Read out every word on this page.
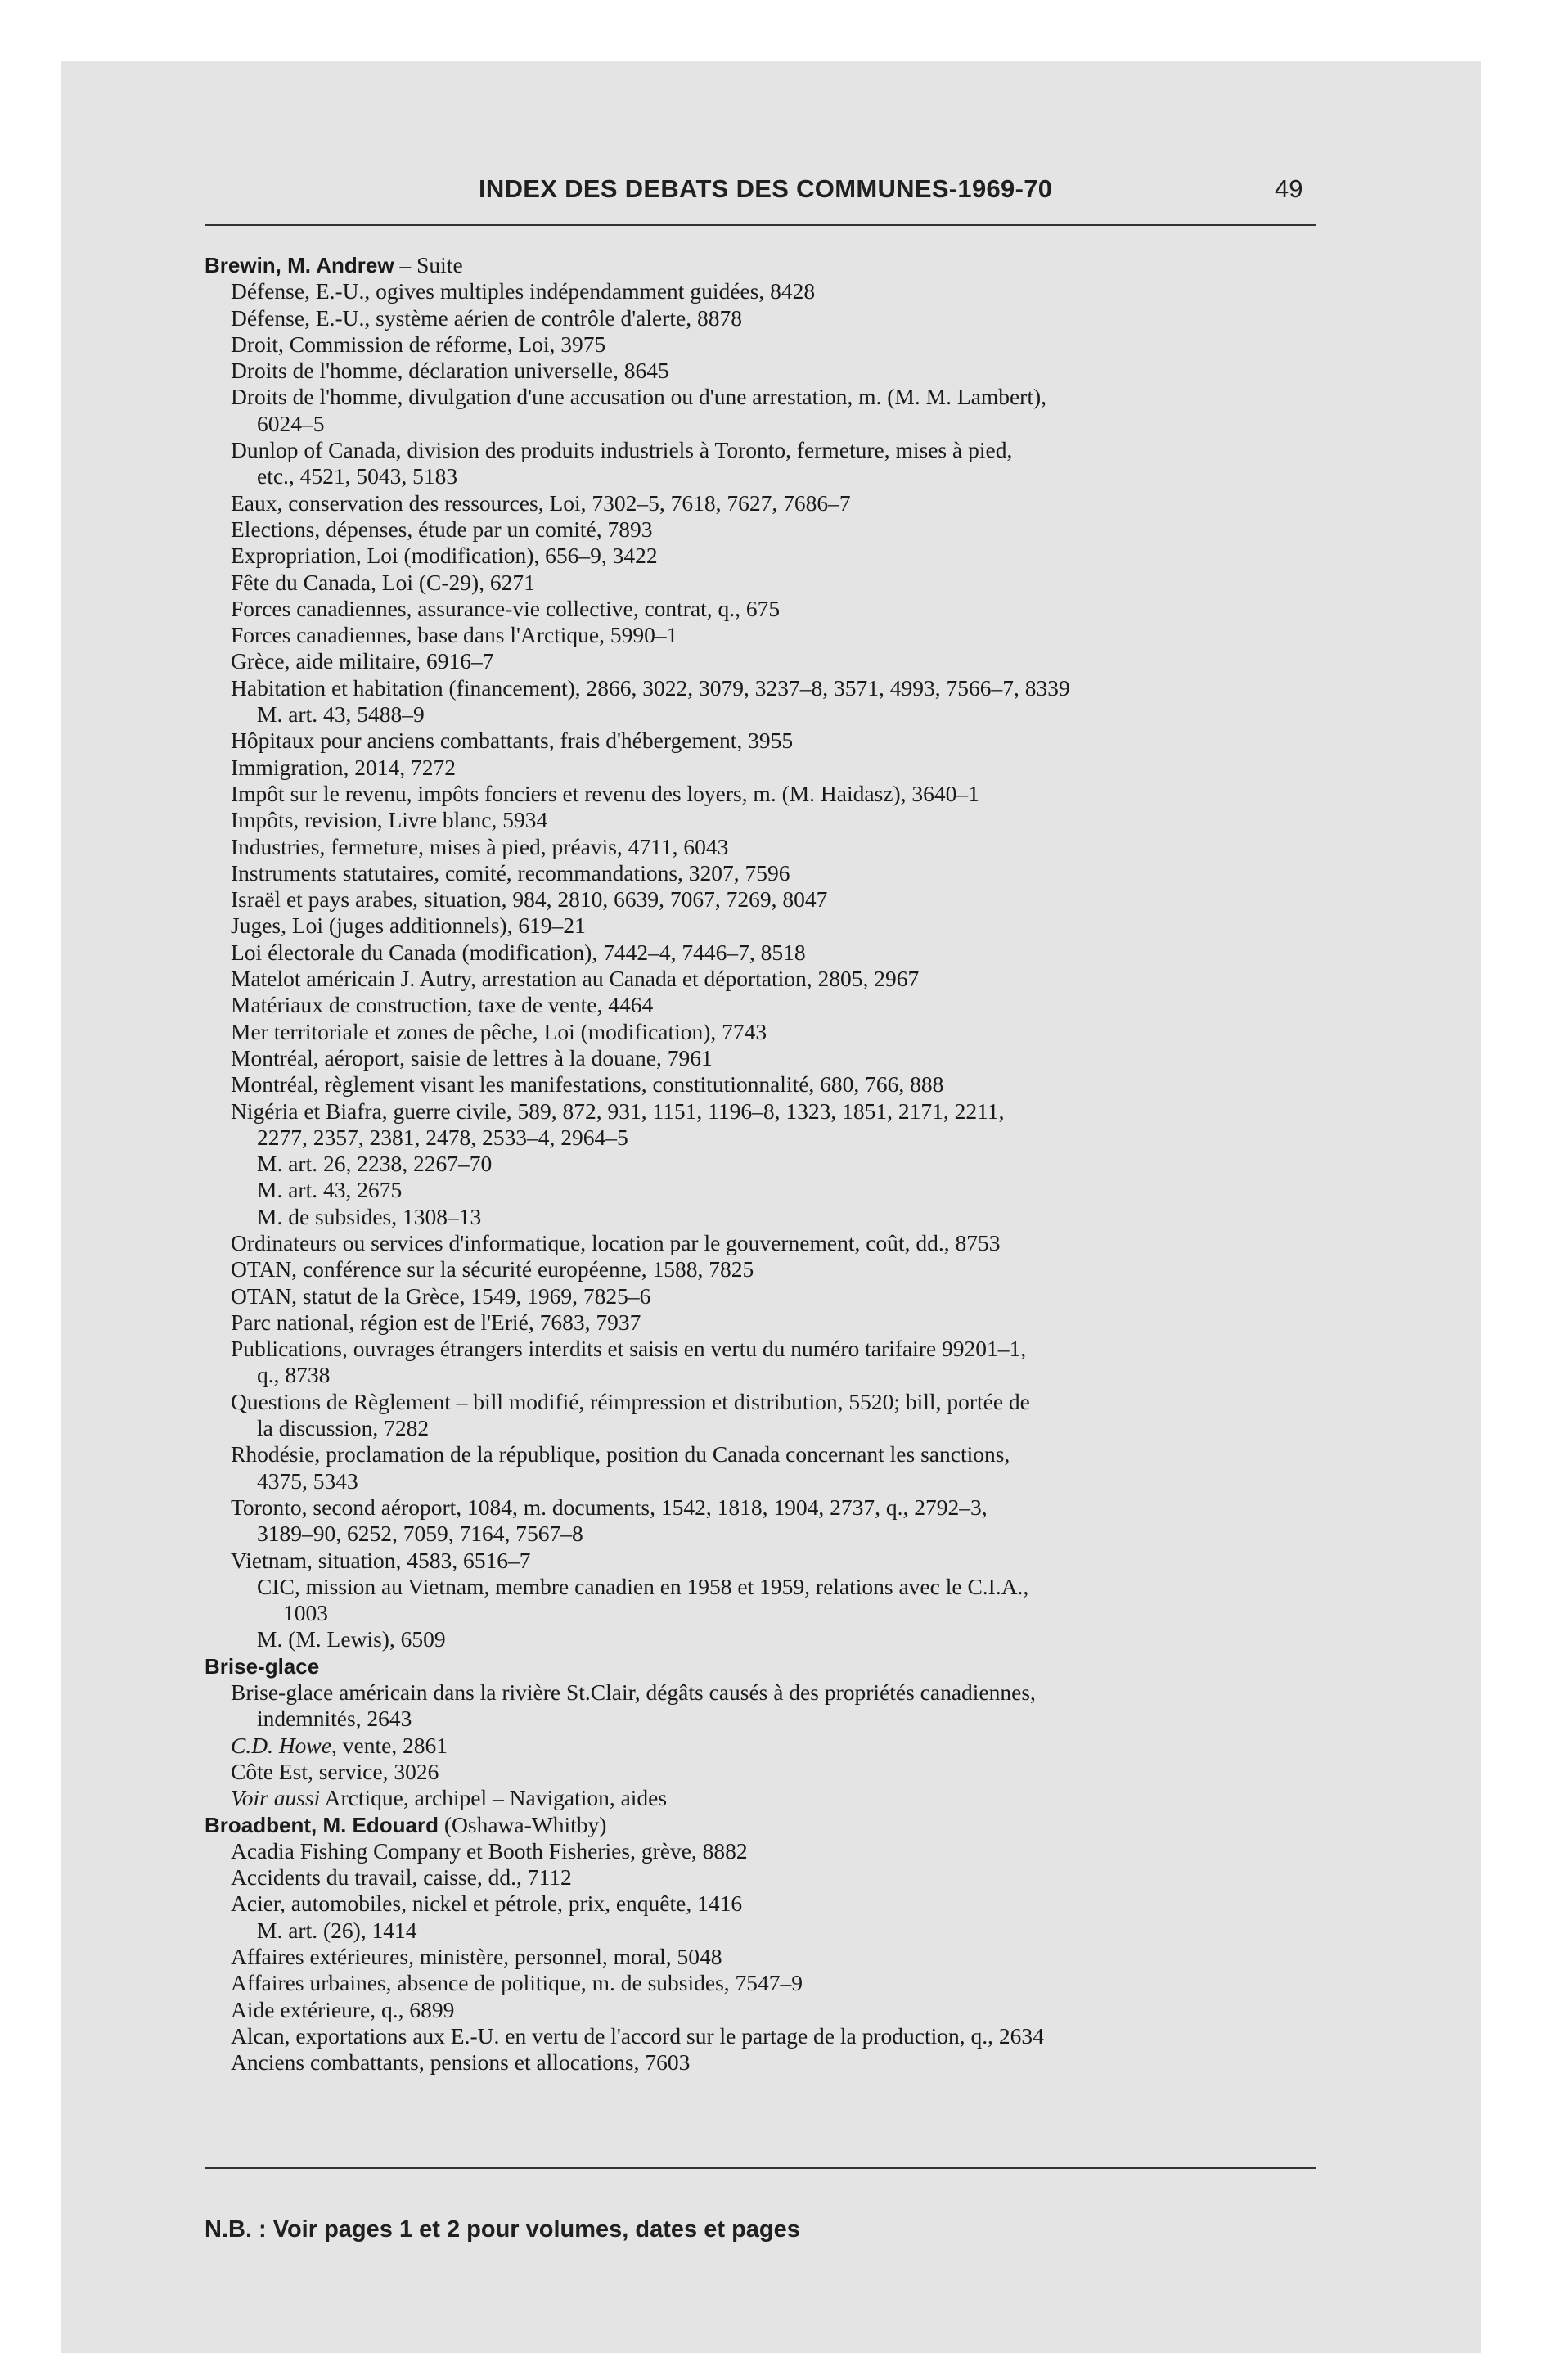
INDEX DES DEBATS DES COMMUNES-1969-70	49
Brewin, M. Andrew – Suite
Défense, E.-U., ogives multiples indépendamment guidées, 8428
Défense, E.-U., système aérien de contrôle d'alerte, 8878
Droit, Commission de réforme, Loi, 3975
Droits de l'homme, déclaration universelle, 8645
Droits de l'homme, divulgation d'une accusation ou d'une arrestation, m. (M. M. Lambert),
6024–5
Dunlop of Canada, division des produits industriels à Toronto, fermeture, mises à pied,
etc., 4521, 5043, 5183
Eaux, conservation des ressources, Loi, 7302–5, 7618, 7627, 7686–7
Elections, dépenses, étude par un comité, 7893
Expropriation, Loi (modification), 656–9, 3422
Fête du Canada, Loi (C-29), 6271
Forces canadiennes, assurance-vie collective, contrat, q., 675
Forces canadiennes, base dans l'Arctique, 5990–1
Grèce, aide militaire, 6916–7
Habitation et habitation (financement), 2866, 3022, 3079, 3237–8, 3571, 4993, 7566–7, 8339
M. art. 43, 5488–9
Hôpitaux pour anciens combattants, frais d'hébergement, 3955
Immigration, 2014, 7272
Impôt sur le revenu, impôts fonciers et revenu des loyers, m. (M. Haidasz), 3640–1
Impôts, revision, Livre blanc, 5934
Industries, fermeture, mises à pied, préavis, 4711, 6043
Instruments statutaires, comité, recommandations, 3207, 7596
Israël et pays arabes, situation, 984, 2810, 6639, 7067, 7269, 8047
Juges, Loi (juges additionnels), 619–21
Loi électorale du Canada (modification), 7442–4, 7446–7, 8518
Matelot américain J. Autry, arrestation au Canada et déportation, 2805, 2967
Matériaux de construction, taxe de vente, 4464
Mer territoriale et zones de pêche, Loi (modification), 7743
Montréal, aéroport, saisie de lettres à la douane, 7961
Montréal, règlement visant les manifestations, constitutionnalité, 680, 766, 888
Nigéria et Biafra, guerre civile, 589, 872, 931, 1151, 1196–8, 1323, 1851, 2171, 2211,
2277, 2357, 2381, 2478, 2533–4, 2964–5
M. art. 26, 2238, 2267–70
M. art. 43, 2675
M. de subsides, 1308–13
Ordinateurs ou services d'informatique, location par le gouvernement, coût, dd., 8753
OTAN, conférence sur la sécurité européenne, 1588, 7825
OTAN, statut de la Grèce, 1549, 1969, 7825–6
Parc national, région est de l'Erié, 7683, 7937
Publications, ouvrages étrangers interdits et saisis en vertu du numéro tarifaire 99201–1,
q., 8738
Questions de Règlement – bill modifié, réimpression et distribution, 5520; bill, portée de
la discussion, 7282
Rhodésie, proclamation de la république, position du Canada concernant les sanctions,
4375, 5343
Toronto, second aéroport, 1084, m. documents, 1542, 1818, 1904, 2737, q., 2792–3,
3189–90, 6252, 7059, 7164, 7567–8
Vietnam, situation, 4583, 6516–7
CIC, mission au Vietnam, membre canadien en 1958 et 1959, relations avec le C.I.A.,
1003
M. (M. Lewis), 6509
Brise-glace
Brise-glace américain dans la rivière St.Clair, dégâts causés à des propriétés canadiennes,
indemnités, 2643
C.D. Howe, vente, 2861
Côte Est, service, 3026
Voir aussi Arctique, archipel – Navigation, aides
Broadbent, M. Edouard (Oshawa-Whitby)
Acadia Fishing Company et Booth Fisheries, grève, 8882
Accidents du travail, caisse, dd., 7112
Acier, automobiles, nickel et pétrole, prix, enquête, 1416
M. art. (26), 1414
Affaires extérieures, ministère, personnel, moral, 5048
Affaires urbaines, absence de politique, m. de subsides, 7547–9
Aide extérieure, q., 6899
Alcan, exportations aux E.-U. en vertu de l'accord sur le partage de la production, q., 2634
Anciens combattants, pensions et allocations, 7603
N.B. : Voir pages 1 et 2 pour volumes, dates et pages
